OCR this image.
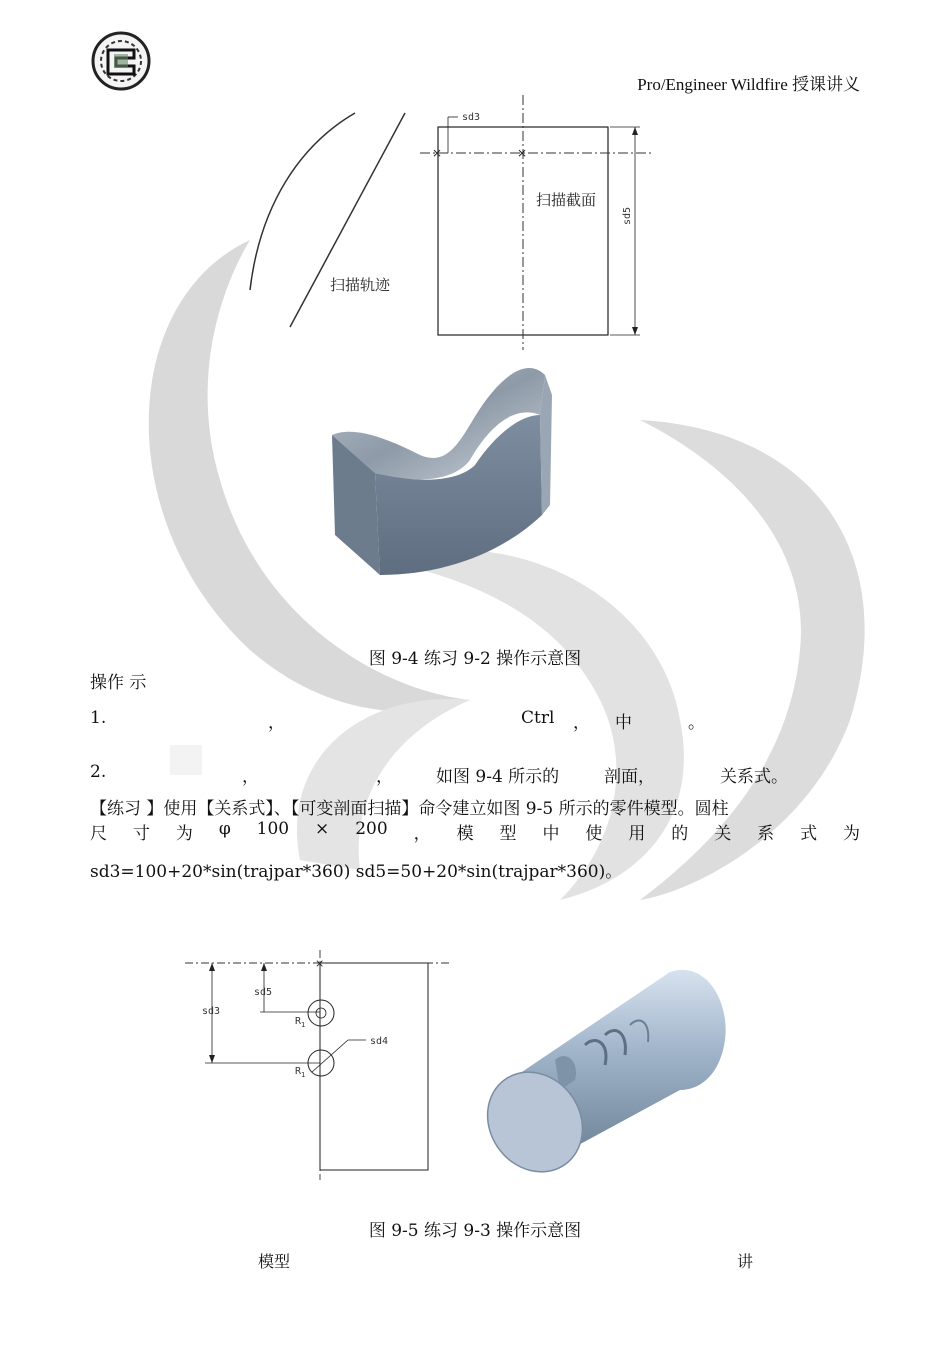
Pro/Engineer Wildfire 授课讲义
扫描轨迹
×	×
sd3
sd5
扫描截面
图 9-4 练习 9-2 操作示意图
操作 示
1.	，	Ctrl ， 中	。
2.	，	，	如图 9-4 所示的	剖面，	关系式。
【练习 】使用【关系式】、【可变剖面扫描】命令建立如图 9-5 所示的零件模型。圆柱
尺 寸 为 φ 100 × 200 ， 模 型 中 使 用 的 关 系 式 为
sd3=100+20*sin(trajpar*360) sd5=50+20*sin(trajpar*360)。
×
sd3
sd5
sd4
$R_1$
$R_1$
图 9-5 练习 9-3 操作示意图
模型	讲
